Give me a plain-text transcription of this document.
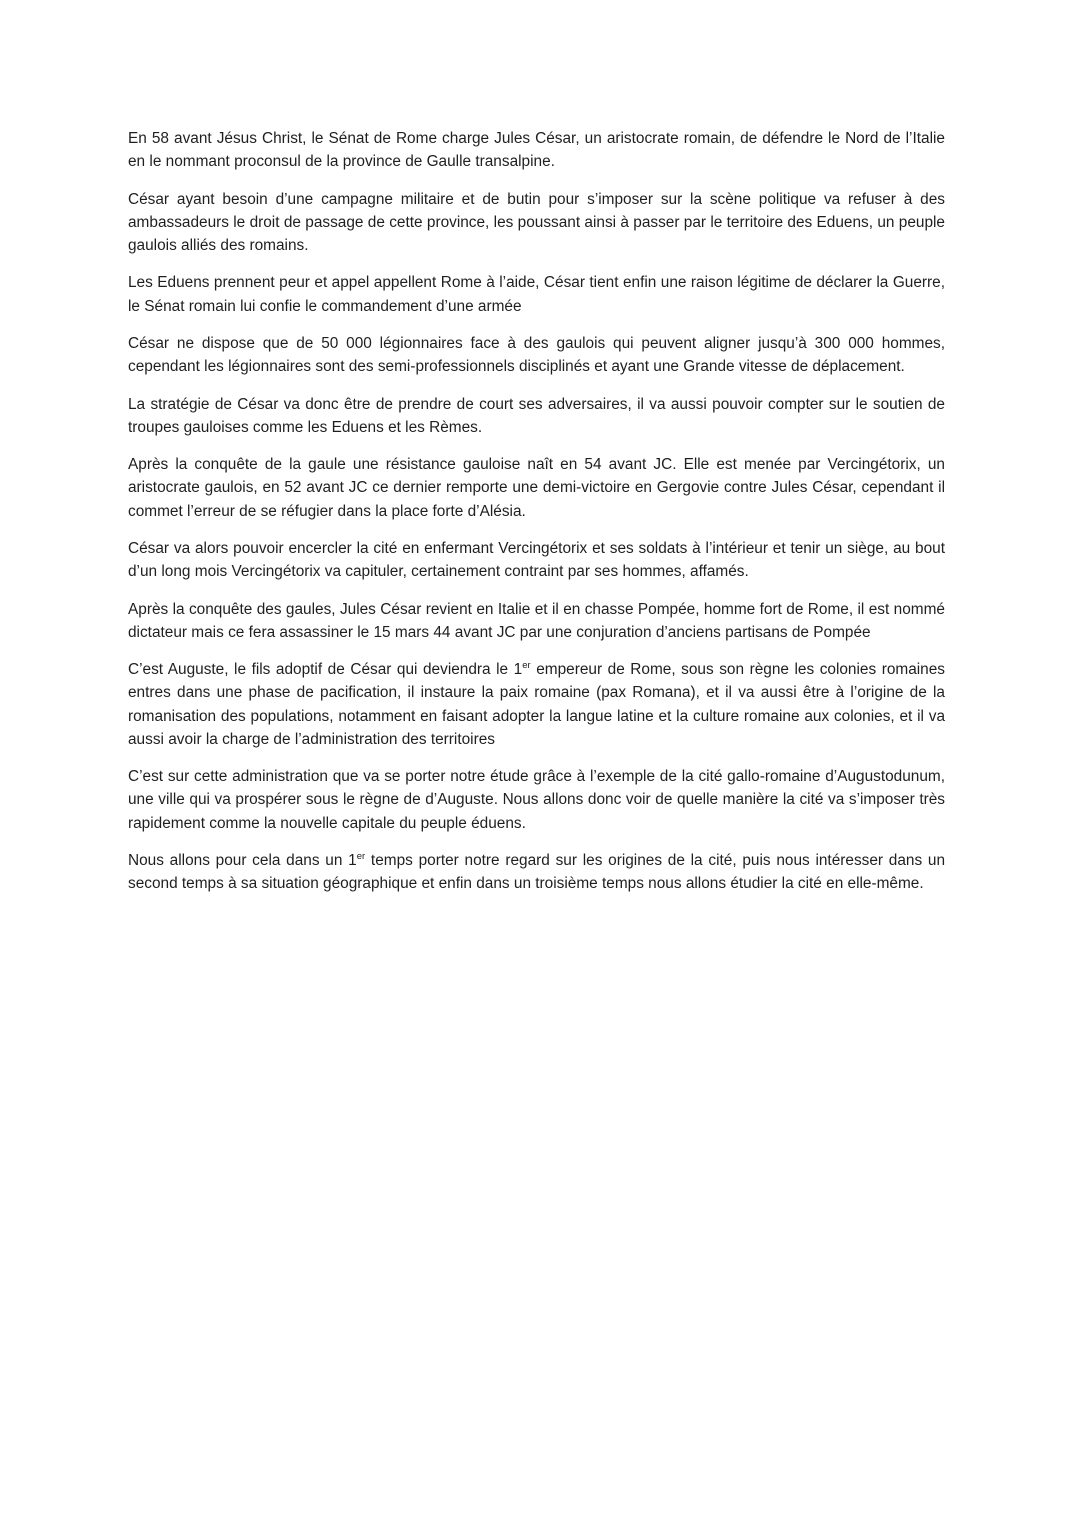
En 58 avant Jésus Christ, le Sénat de Rome charge Jules César, un aristocrate romain, de défendre le Nord de l’Italie en le nommant proconsul de la province de Gaulle transalpine.

César ayant besoin d’une campagne militaire et de butin pour s’imposer sur la scène politique va refuser à des ambassadeurs le droit de passage de cette province, les poussant ainsi à passer par le territoire des Eduens, un peuple gaulois alliés des romains.

Les Eduens prennent peur et appel appellent Rome à l’aide, César tient enfin une raison légitime de déclarer la Guerre, le Sénat romain lui confie le commandement d’une armée

César ne dispose que de 50 000 légionnaires face à des gaulois qui peuvent aligner jusqu’à 300 000 hommes, cependant les légionnaires sont des semi-professionnels disciplinés et ayant une Grande vitesse de déplacement.

La stratégie de César va donc être de prendre de court ses adversaires, il va aussi pouvoir compter sur le soutien de troupes gauloises comme les Eduens et les Rèmes.

Après la conquête de la gaule une résistance gauloise naît en 54 avant JC. Elle est menée par Vercingétorix, un aristocrate gaulois, en 52 avant JC ce dernier remporte une demi-victoire en Gergovie contre Jules César, cependant il commet l’erreur de se réfugier dans la place forte d’Alésia.

César va alors pouvoir encercler la cité en enfermant Vercingétorix et ses soldats à l’intérieur et tenir un siège, au bout d’un long mois Vercingétorix va capituler, certainement contraint par ses hommes, affamés.

Après la conquête des gaules, Jules César revient en Italie et il en chasse Pompée, homme fort de Rome, il est nommé dictateur mais ce fera assassiner le 15 mars 44 avant JC par une conjuration d’anciens partisans de Pompée

C’est Auguste, le fils adoptif de César qui deviendra le 1er empereur de Rome, sous son règne les colonies romaines entres dans une phase de pacification, il instaure la paix romaine (pax Romana), et il va aussi être à l’origine de la romanisation des populations, notamment en faisant adopter la langue latine et la culture romaine aux colonies, et il va aussi avoir la charge de l’administration des territoires

C’est sur cette administration que va se porter notre étude grâce à l’exemple de la cité gallo-romaine d’Augustodunum, une ville qui va prospérer sous le règne de d’Auguste. Nous allons donc voir de quelle manière la cité va s’imposer très rapidement comme la nouvelle capitale du peuple éduens.

Nous allons pour cela dans un 1er temps porter notre regard sur les origines de la cité, puis nous intéresser dans un second temps à sa situation géographique et enfin dans un troisième temps nous allons étudier la cité en elle-même.
